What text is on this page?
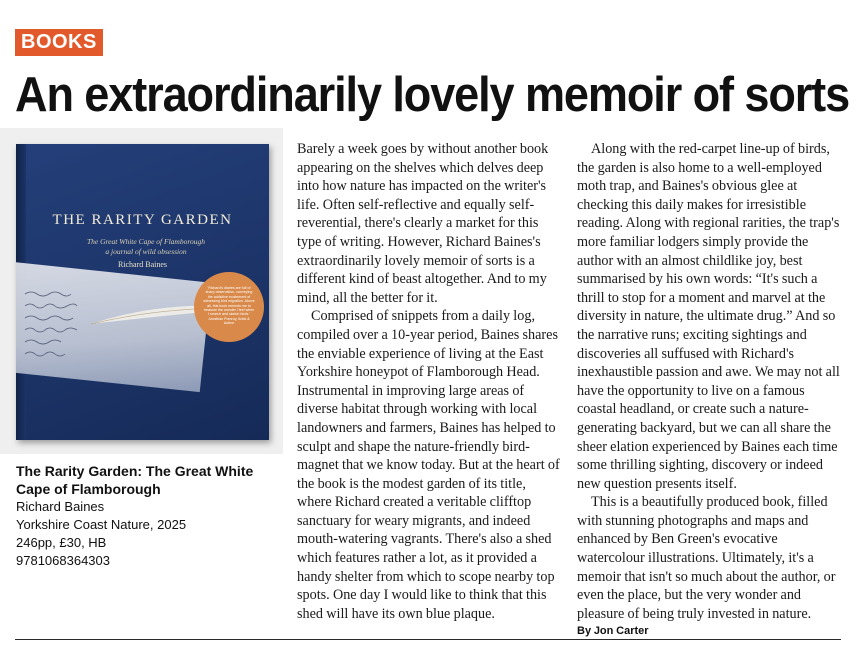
BOOKS
An extraordinarily lovely memoir of sorts
THE RARITY GARDEN
The Great White Cape of Flamborough
a journal of wild obsession
Richard Baines
'Richard's diaries are full of sharp observation, conveying the addictive excitement of witnessing bird migration. Above all, this book reminds me to treasure the wonder I feel when I search and sketch birds.' Jonathan Pomroy, Artist & Author
The Rarity Garden: The Great White Cape of Flamborough
Richard Baines
Yorkshire Coast Nature, 2025
246pp, £30, HB
9781068364303

Barely a week goes by without another book appearing on the shelves which delves deep into how nature has impacted on the writer's life. Often self-reflective and equally self-reverential, there's clearly a market for this type of writing. However, Richard Baines's extraordinarily lovely memoir of sorts is a different kind of beast altogether. And to my mind, all the better for it.

Comprised of snippets from a daily log, compiled over a 10-year period, Baines shares the enviable experience of living at the East Yorkshire honeypot of Flamborough Head. Instrumental in improving large areas of diverse habitat through working with local landowners and farmers, Baines has helped to sculpt and shape the nature-friendly bird-magnet that we know today. But at the heart of the book is the modest garden of its title, where Richard created a veritable clifftop sanctuary for weary migrants, and indeed mouth-watering vagrants. There's also a shed which features rather a lot, as it provided a handy shelter from which to scope nearby top spots. One day I would like to think that this shed will have its own blue plaque.

Along with the red-carpet line-up of birds, the garden is also home to a well-employed moth trap, and Baines's obvious glee at checking this daily makes for irresistible reading. Along with regional rarities, the trap's more familiar lodgers simply provide the author with an almost childlike joy, best summarised by his own words: “It's such a thrill to stop for a moment and marvel at the diversity in nature, the ultimate drug.” And so the narrative runs; exciting sightings and discoveries all suffused with Richard's inexhaustible passion and awe. We may not all have the opportunity to live on a famous coastal headland, or create such a nature-generating backyard, but we can all share the sheer elation experienced by Baines each time some thrilling sighting, discovery or indeed new question presents itself.

This is a beautifully produced book, filled with stunning photographs and maps and enhanced by Ben Green's evocative watercolour illustrations. Ultimately, it's a memoir that isn't so much about the author, or even the place, but the very wonder and pleasure of being truly invested in nature.

By Jon Carter
